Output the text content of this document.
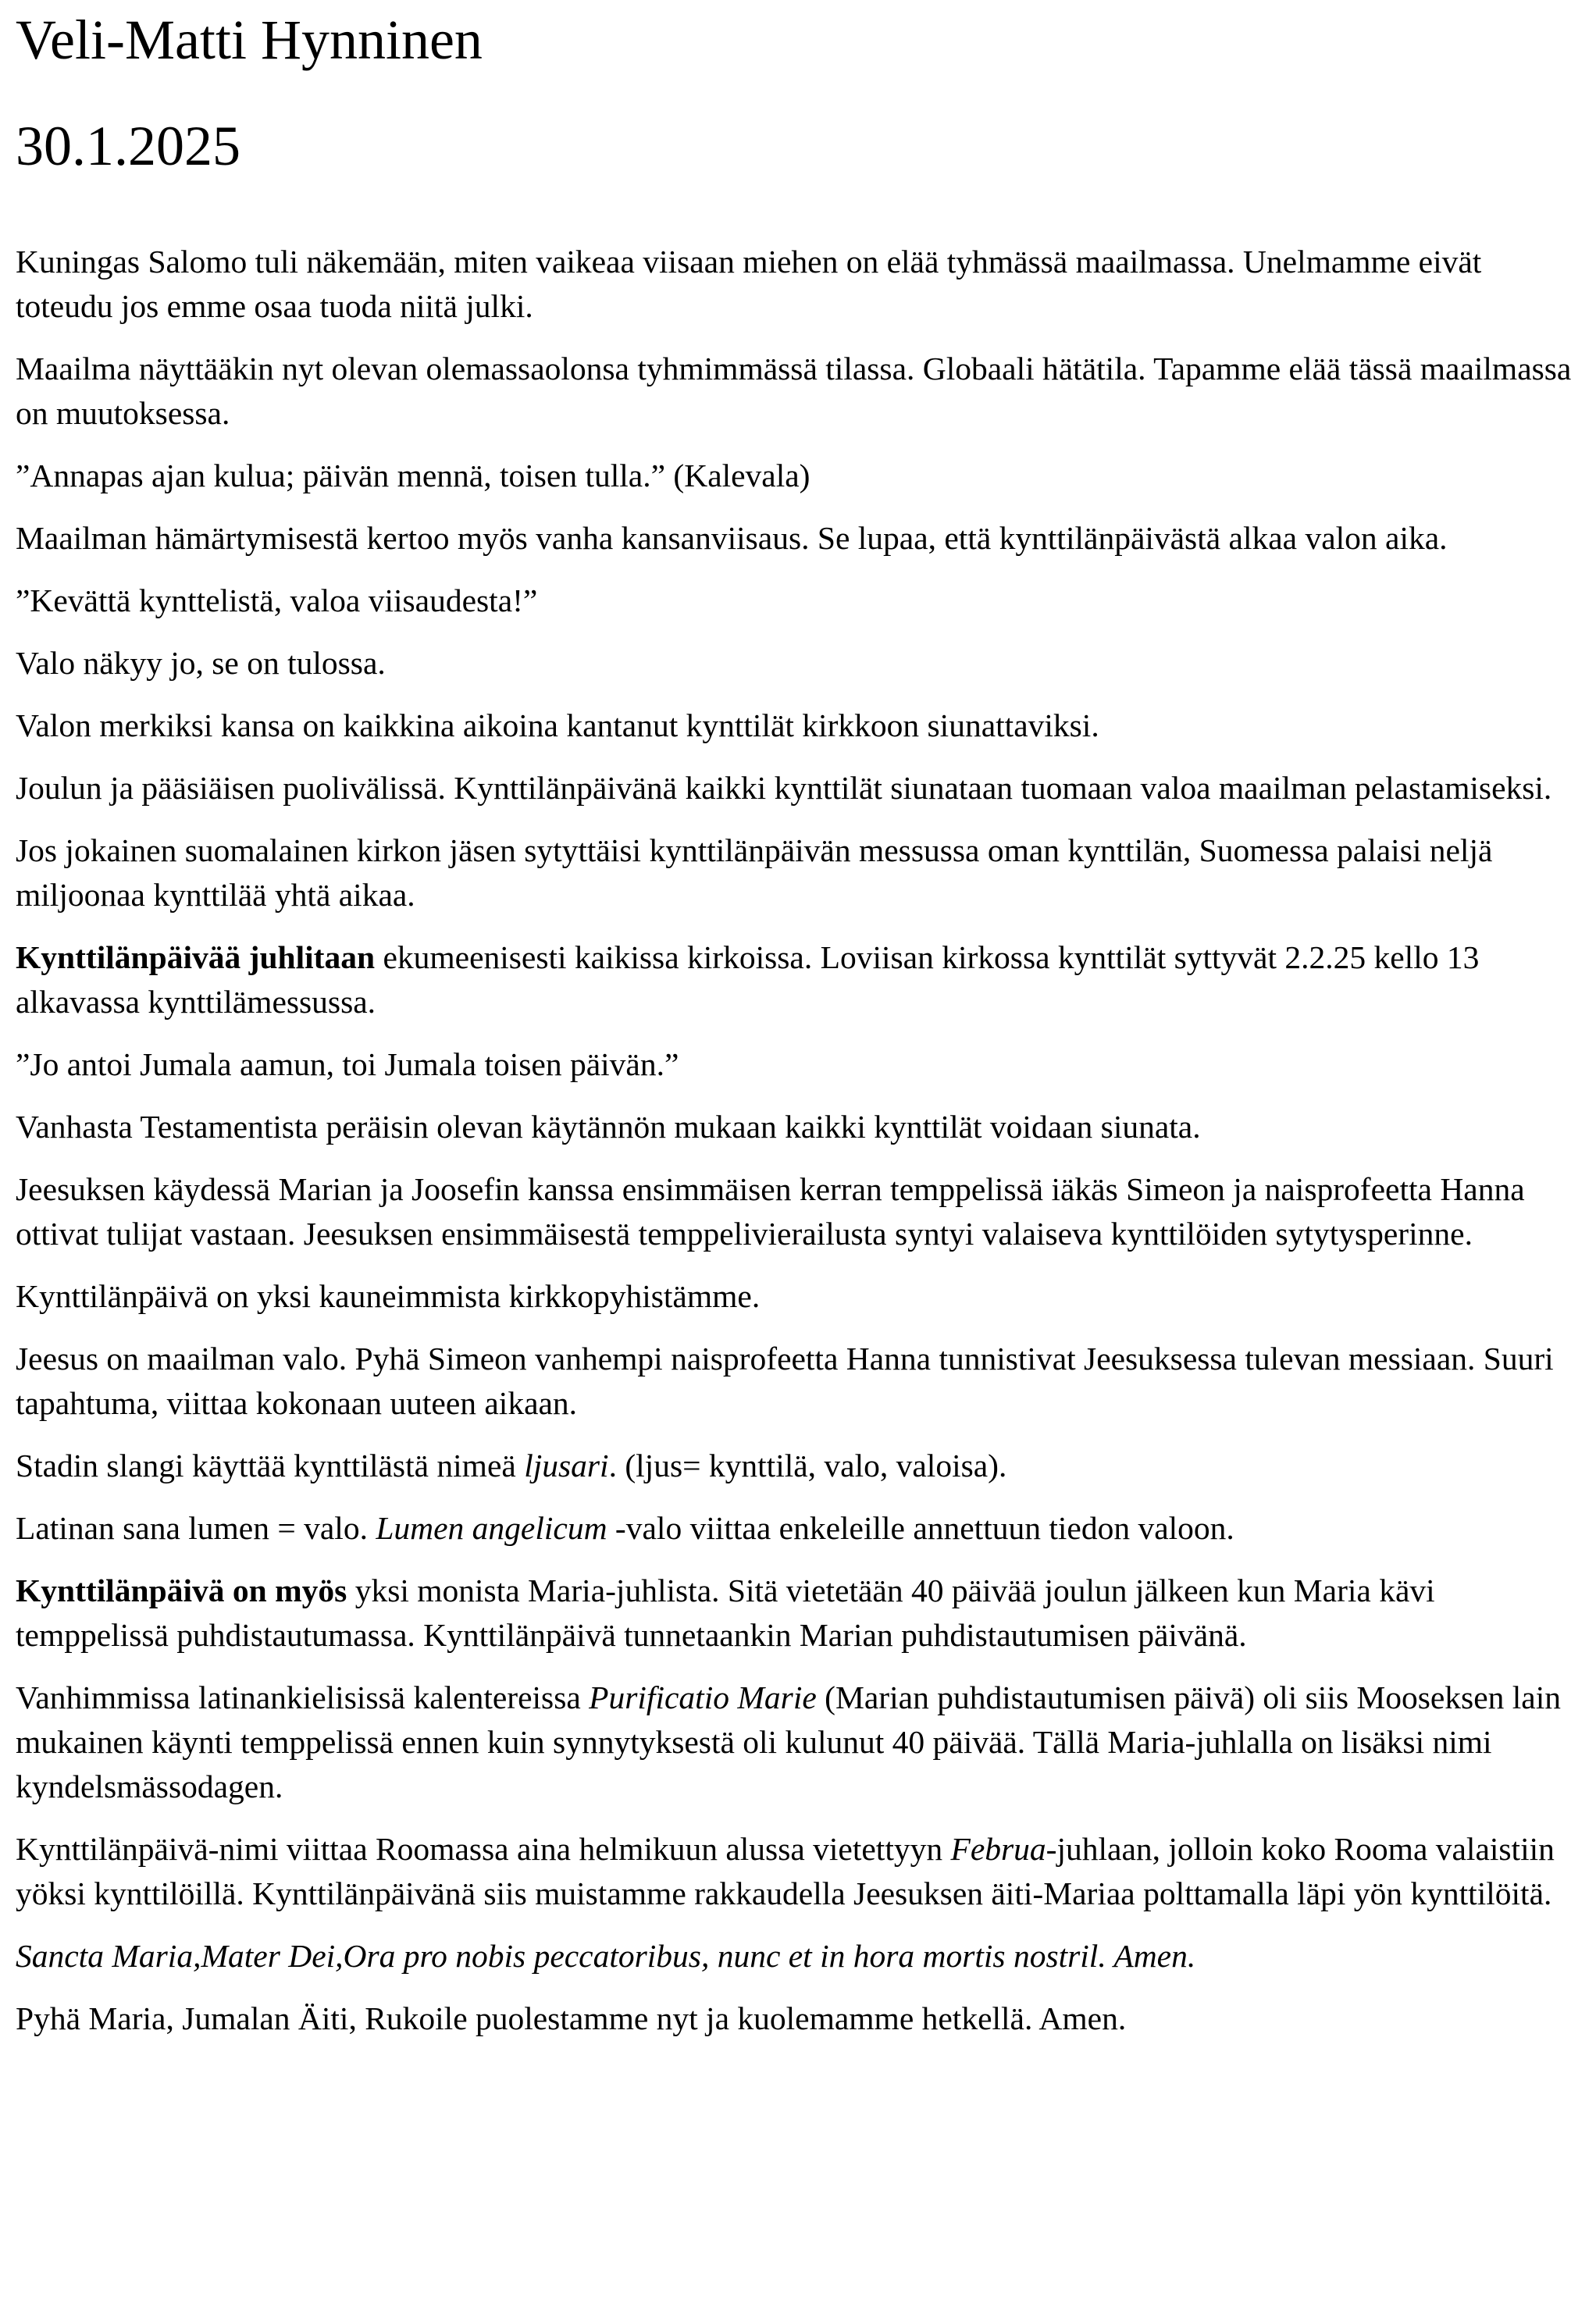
Veli-Matti Hynninen
30.1.2025

Kuningas Salomo tuli näkemään, miten vaikeaa viisaan miehen on elää tyhmässä maailmassa. Unelmamme eivät toteudu jos emme osaa tuoda niitä julki.

Maailma näyttääkin nyt olevan olemassaolonsa tyhmimmässä tilassa. Globaali hätätila. Tapamme elää tässä maailmassa on muutoksessa.

”Annapas ajan kulua; päivän mennä, toisen tulla.” (Kalevala)

Maailman hämärtymisestä kertoo myös vanha kansanviisaus. Se lupaa, että kynttilänpäivästä alkaa valon aika.

”Kevättä kynttelistä, valoa viisaudesta!”

Valo näkyy jo, se on tulossa.

Valon merkiksi kansa on kaikkina aikoina kantanut kynttilät kirkkoon siunattaviksi.

Joulun ja pääsiäisen puolivälissä. Kynttilänpäivänä kaikki kynttilät siunataan tuomaan valoa maailman pelastamiseksi.

Jos jokainen suomalainen kirkon jäsen sytyttäisi kynttilänpäivän messussa oman kynttilän, Suomessa palaisi neljä miljoonaa kynttilää yhtä aikaa.

Kynttilänpäivää juhlitaan ekumeenisesti kaikissa kirkoissa. Loviisan kirkossa kynttilät syttyvät 2.2.25 kello 13 alkavassa kynttilämessussa.

”Jo antoi Jumala aamun, toi Jumala toisen päivän.”

Vanhasta Testamentista peräisin olevan käytännön mukaan kaikki kynttilät voidaan siunata.

Jeesuksen käydessä Marian ja Joosefin kanssa ensimmäisen kerran temppelissä iäkäs Simeon ja naisprofeetta Hanna ottivat tulijat vastaan. Jeesuksen ensimmäisestä temppelivierailusta syntyi valaiseva kynttilöiden sytytysperinne.

Kynttilänpäivä on yksi kauneimmista kirkkopyhistämme.

Jeesus on maailman valo. Pyhä Simeon vanhempi naisprofeetta Hanna tunnistivat Jeesuksessa tulevan messiaan. Suuri tapahtuma, viittaa kokonaan uuteen aikaan.

Stadin slangi käyttää kynttilästä nimeä ljusari. (ljus= kynttilä, valo, valoisa).

Latinan sana lumen = valo. Lumen angelicum -valo viittaa enkeleille annettuun tiedon valoon.

Kynttilänpäivä on myös yksi monista Maria-juhlista. Sitä vietetään 40 päivää joulun jälkeen kun Maria kävi temppelissä puhdistautumassa. Kynttilänpäivä tunnetaankin Marian puhdistautumisen päivänä.

Vanhimmissa latinankielisissä kalentereissa Purificatio Marie (Marian puhdistautumisen päivä) oli siis Mooseksen lain mukainen käynti temppelissä ennen kuin synnytyksestä oli kulunut 40 päivää. Tällä Maria-juhlalla on lisäksi nimi kyndelsmässodagen.

Kynttilänpäivä-nimi viittaa Roomassa aina helmikuun alussa vietettyyn Februa-juhlaan, jolloin koko Rooma valaistiin yöksi kynttilöillä. Kynttilänpäivänä siis muistamme rakkaudella Jeesuksen äiti-Mariaa polttamalla läpi yön kynttilöitä.

Sancta Maria,Mater Dei,Ora pro nobis peccatoribus, nunc et in hora mortis nostril. Amen.

Pyhä Maria, Jumalan Äiti, Rukoile puolestamme nyt ja kuolemamme hetkellä. Amen.
